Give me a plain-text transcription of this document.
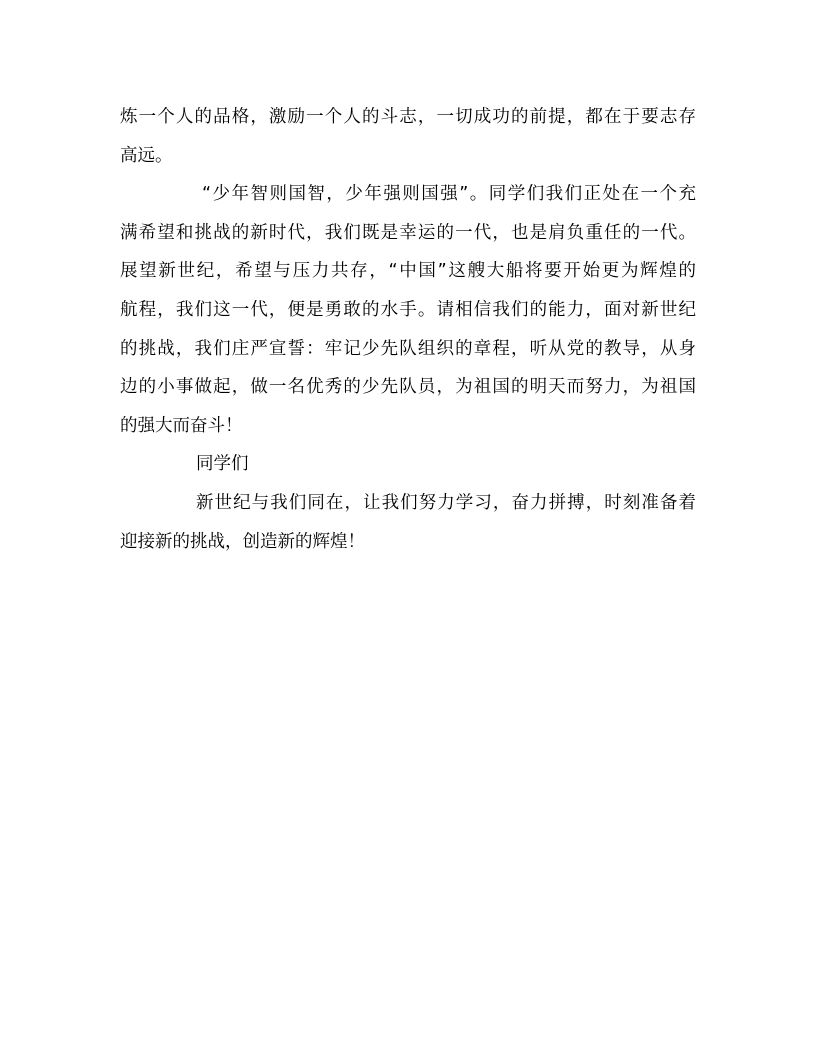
炼一个人的品格，激励一个人的斗志，一切成功的前提，都在于要志存
高远。
“少年智则国智，少年强则国强”。同学们我们正处在一个充
满希望和挑战的新时代，我们既是幸运的一代，也是肩负重任的一代。
展望新世纪，希望与压力共存，“中国”这艘大船将要开始更为辉煌的
航程，我们这一代，便是勇敢的水手。请相信我们的能力，面对新世纪
的挑战，我们庄严宣誓：牢记少先队组织的章程，听从党的教导，从身
边的小事做起，做一名优秀的少先队员，为祖国的明天而努力，为祖国
的强大而奋斗！
同学们
新世纪与我们同在，让我们努力学习，奋力拼搏，时刻准备着
迎接新的挑战，创造新的辉煌！
